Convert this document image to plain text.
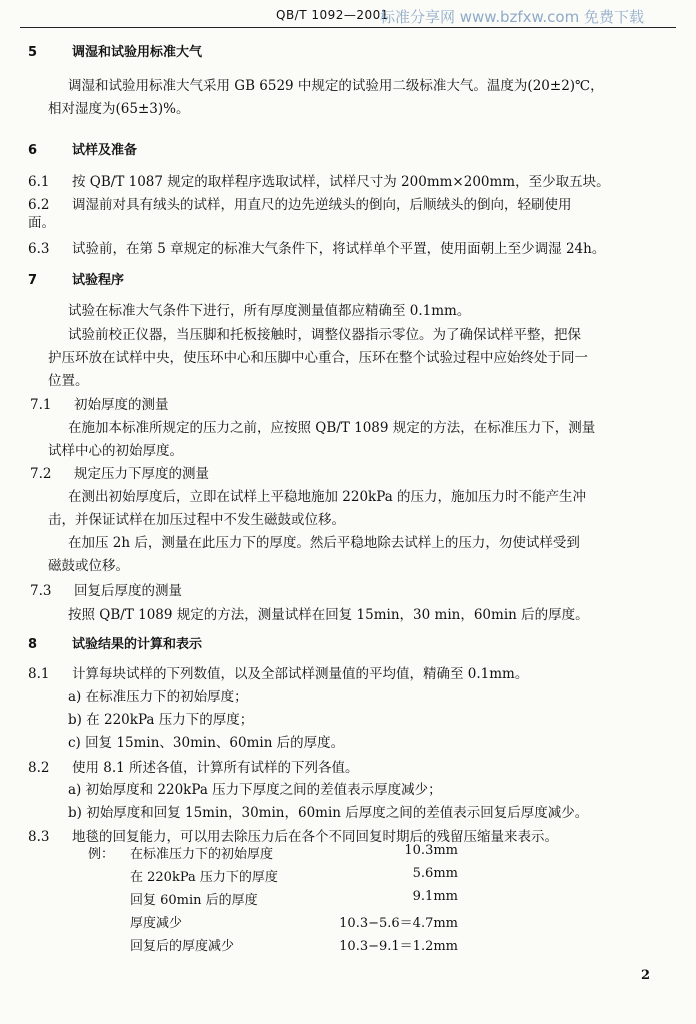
QB/T 1092—2001
标准分享网 www.bzfxw.com 免费下载
5	调湿和试验用标准大气
调湿和试验用标准大气采用 GB 6529 中规定的试验用二级标准大气。温度为(20±2)℃，
相对湿度为(65±3)%。
6	试样及准备
6.1 按 QB/T 1087 规定的取样程序选取试样，试样尺寸为 200mm×200mm，至少取五块。
6.2 调湿前对具有绒头的试样，用直尺的边先逆绒头的倒向，后顺绒头的倒向，轻刷使用
面。
6.3 试验前，在第 5 章规定的标准大气条件下，将试样单个平置，使用面朝上至少调湿 24h。
7	试验程序
试验在标准大气条件下进行，所有厚度测量值都应精确至 0.1mm。
试验前校正仪器，当压脚和托板接触时，调整仪器指示零位。为了确保试样平整，把保
护压环放在试样中央，使压环中心和压脚中心重合，压环在整个试验过程中应始终处于同一
位置。
7.1 初始厚度的测量
在施加本标准所规定的压力之前，应按照 QB/T 1089 规定的方法，在标准压力下，测量
试样中心的初始厚度。
7.2 规定压力下厚度的测量
在测出初始厚度后，立即在试样上平稳地施加 220kPa 的压力，施加压力时不能产生冲
击，并保证试样在加压过程中不发生磁鼓或位移。
在加压 2h 后，测量在此压力下的厚度。然后平稳地除去试样上的压力，勿使试样受到
磁鼓或位移。
7.3 回复后厚度的测量
按照 QB/T 1089 规定的方法，测量试样在回复 15min，30 min，60min 后的厚度。
8	试验结果的计算和表示
8.1 计算每块试样的下列数值，以及全部试样测量值的平均值，精确至 0.1mm。
a) 在标准压力下的初始厚度；
b) 在 220kPa 压力下的厚度；
c) 回复 15min、30min、60min 后的厚度。
8.2 使用 8.1 所述各值，计算所有试样的下列各值。
a) 初始厚度和 220kPa 压力下厚度之间的差值表示厚度减少；
b) 初始厚度和回复 15min，30min，60min 后厚度之间的差值表示回复后厚度减少。
8.3 地毯的回复能力，可以用去除压力后在各个不同回复时期后的残留压缩量来表示。
例： 在标准压力下的初始厚度	10.3mm
在 220kPa 压力下的厚度	5.6mm
回复 60min 后的厚度	9.1mm
厚度减少	10.3−5.6＝4.7mm
回复后的厚度减少	10.3−9.1＝1.2mm
2
